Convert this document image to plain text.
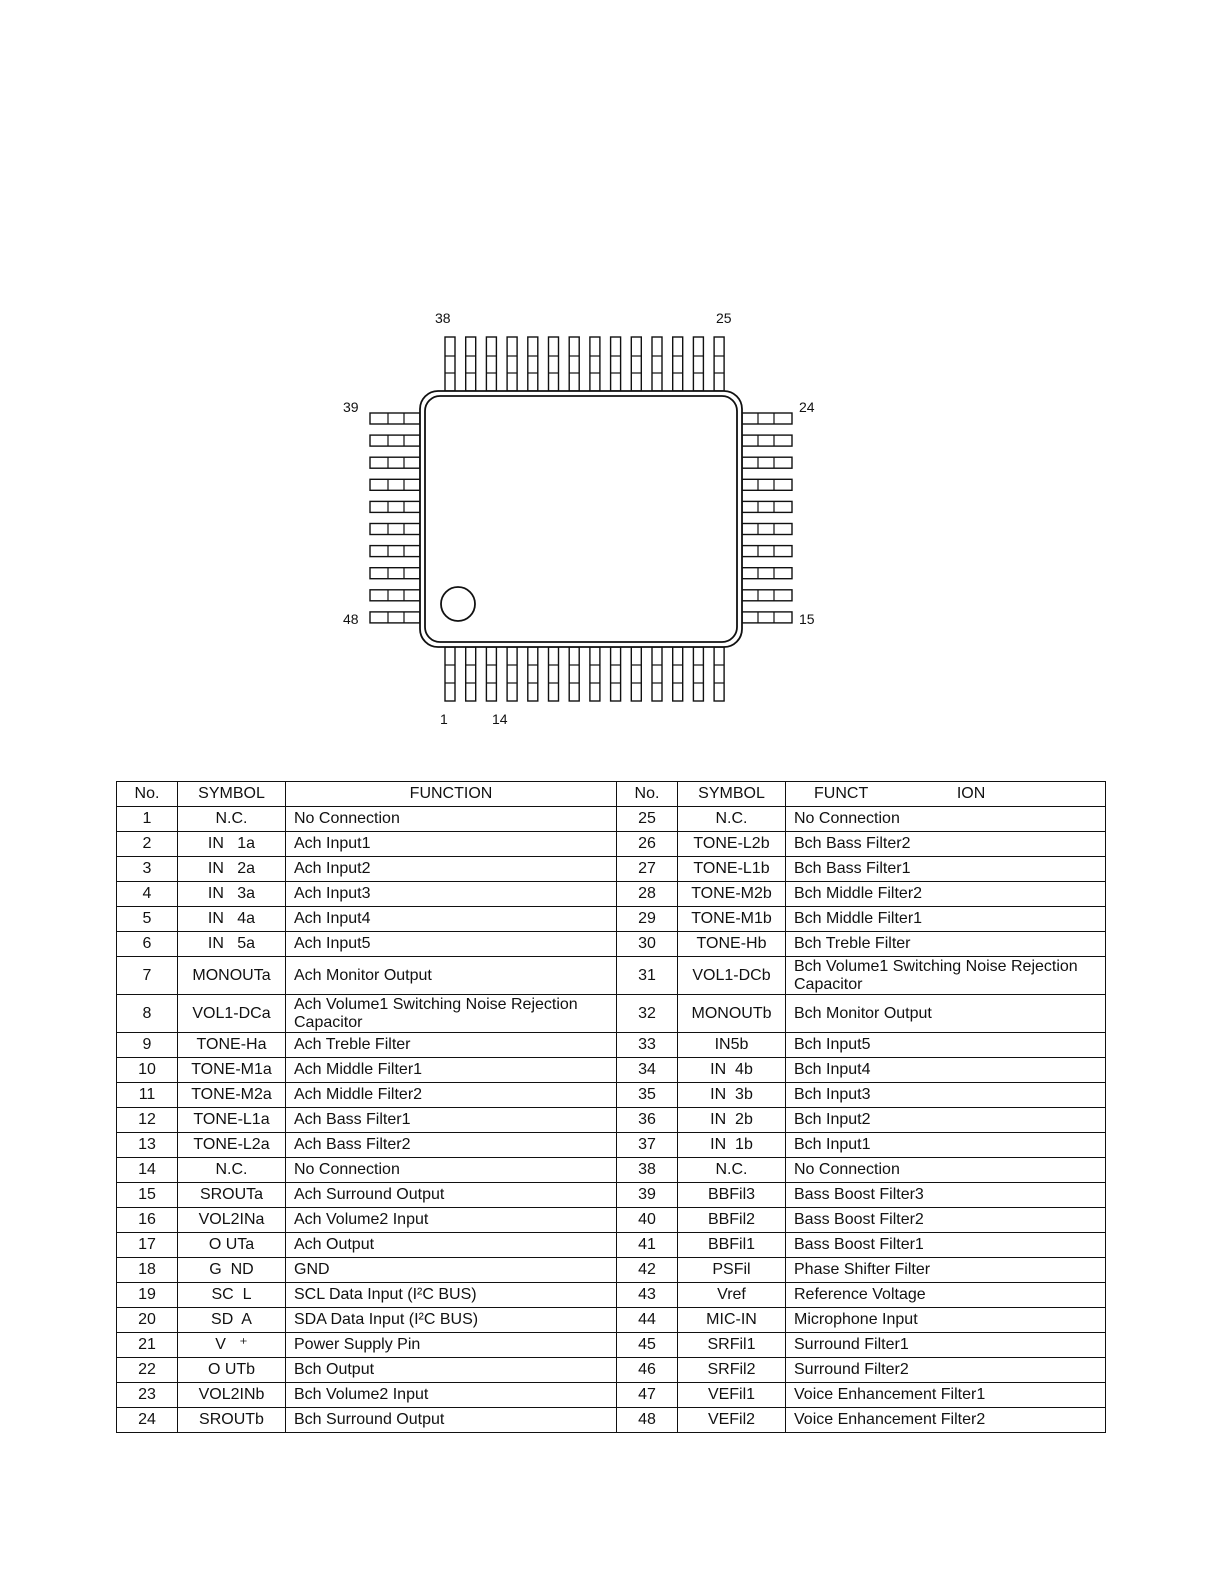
38	25
39	24
48	15
1	14
No.	SYMBOL	FUNCTION	No.	SYMBOL	FUNCT                    ION
1	N.C.	No Connection	25	N.C.	No Connection
2	IN   1a	Ach Input1	26	TONE-L2b	Bch Bass Filter2
3	IN   2a	Ach Input2	27	TONE-L1b	Bch Bass Filter1
4	IN   3a	Ach Input3	28	TONE-M2b	Bch Middle Filter2
5	IN   4a	Ach Input4	29	TONE-M1b	Bch Middle Filter1
6	IN   5a	Ach Input5	30	TONE-Hb	Bch Treble Filter
7	MONOUTa	Ach Monitor Output	31	VOL1-DCb	Bch Volume1 Switching Noise Rejection Capacitor
8	VOL1-DCa	Ach Volume1 Switching Noise Rejection Capacitor	32	MONOUTb	Bch Monitor Output
9	TONE-Ha	Ach Treble Filter	33	IN5b	Bch Input5
10	TONE-M1a	Ach Middle Filter1	34	IN  4b	Bch Input4
11	TONE-M2a	Ach Middle Filter2	35	IN  3b	Bch Input3
12	TONE-L1a	Ach Bass Filter1	36	IN  2b	Bch Input2
13	TONE-L2a	Ach Bass Filter2	37	IN  1b	Bch Input1
14	N.C.	No Connection	38	N.C.	No Connection
15	SROUTa	Ach Surround Output	39	BBFil3	Bass Boost Filter3
16	VOL2INa	Ach Volume2 Input	40	BBFil2	Bass Boost Filter2
17	O UTa	Ach Output	41	BBFil1	Bass Boost Filter1
18	G  ND	GND	42	PSFil	Phase Shifter Filter
19	SC  L	SCL Data Input (I²C BUS)	43	Vref	Reference Voltage
20	SD  A	SDA Data Input (I²C BUS)	44	MIC-IN	Microphone Input
21	V   ⁺	Power Supply Pin	45	SRFil1	Surround Filter1
22	O UTb	Bch Output	46	SRFil2	Surround Filter2
23	VOL2INb	Bch Volume2 Input	47	VEFil1	Voice Enhancement Filter1
24	SROUTb	Bch Surround Output	48	VEFil2	Voice Enhancement Filter2
